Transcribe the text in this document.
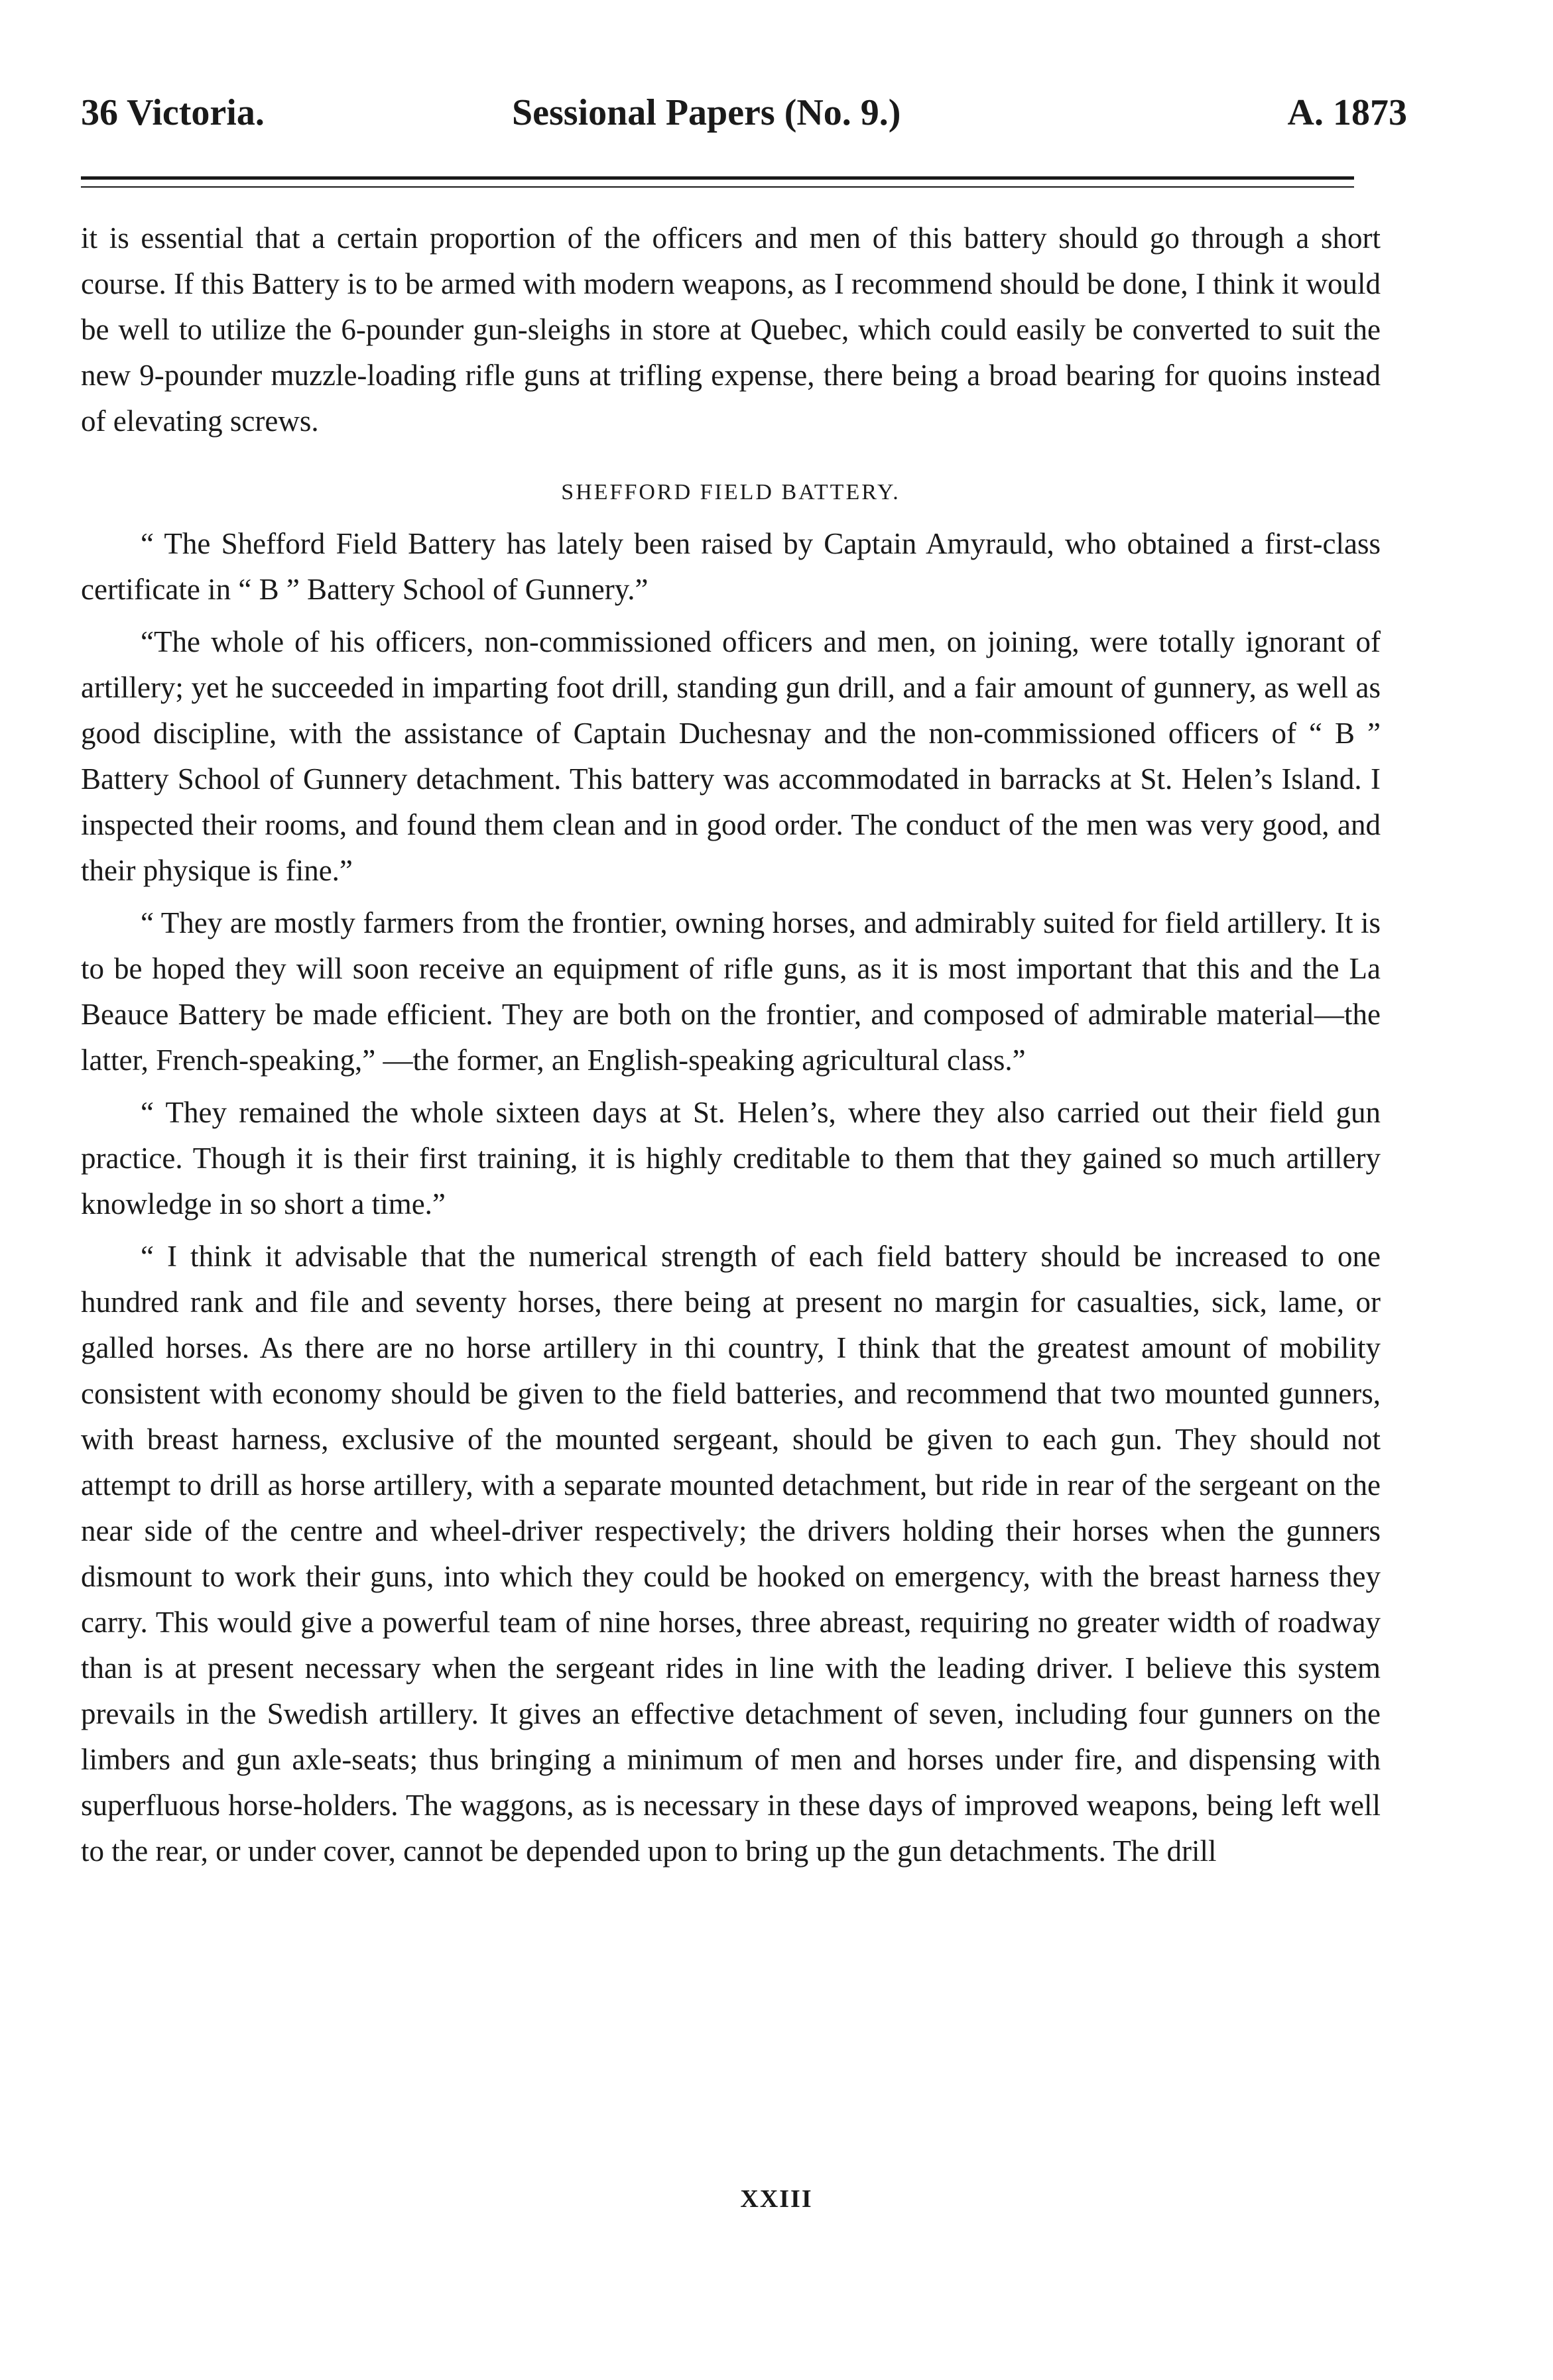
36 Victoria.	Sessional Papers (No. 9.)	A. 1873

it is essential that a certain proportion of the officers and men of this battery should go through a short course. If this Battery is to be armed with modern weapons, as I recommend should be done, I think it would be well to utilize the 6-pounder gun-sleighs in store at Quebec, which could easily be converted to suit the new 9-pounder muzzle-loading rifle guns at trifling expense, there being a broad bearing for quoins instead of elevating screws.

SHEFFORD FIELD BATTERY.

“ The Shefford Field Battery has lately been raised by Captain Amyrauld, who obtained a first-class certificate in “ B ” Battery School of Gunnery.”

“The whole of his officers, non-commissioned officers and men, on joining, were totally ignorant of artillery; yet he succeeded in imparting foot drill, standing gun drill, and a fair amount of gunnery, as well as good discipline, with the assistance of Captain Duchesnay and the non-commissioned officers of “ B ” Battery School of Gunnery detachment. This battery was accommodated in barracks at St. Helen’s Island. I inspected their rooms, and found them clean and in good order. The conduct of the men was very good, and their physique is fine.”

“ They are mostly farmers from the frontier, owning horses, and admirably suited for field artillery. It is to be hoped they will soon receive an equipment of rifle guns, as it is most important that this and the La Beauce Battery be made efficient. They are both on the frontier, and composed of admirable material—the latter, French-speaking,” —the former, an English-speaking agricultural class.”

“ They remained the whole sixteen days at St. Helen’s, where they also carried out their field gun practice. Though it is their first training, it is highly creditable to them that they gained so much artillery knowledge in so short a time.”

“ I think it advisable that the numerical strength of each field battery should be increased to one hundred rank and file and seventy horses, there being at present no margin for casualties, sick, lame, or galled horses. As there are no horse artillery in thi country, I think that the greatest amount of mobility consistent with economy should be given to the field batteries, and recommend that two mounted gunners, with breast harness, exclusive of the mounted sergeant, should be given to each gun. They should not attempt to drill as horse artillery, with a separate mounted detachment, but ride in rear of the sergeant on the near side of the centre and wheel-driver respectively; the drivers holding their horses when the gunners dismount to work their guns, into which they could be hooked on emergency, with the breast harness they carry. This would give a powerful team of nine horses, three abreast, requiring no greater width of roadway than is at present necessary when the sergeant rides in line with the leading driver. I believe this system prevails in the Swedish artillery. It gives an effective detachment of seven, including four gunners on the limbers and gun axle-seats; thus bringing a minimum of men and horses under fire, and dispensing with superfluous horse-holders. The waggons, as is necessary in these days of improved weapons, being left well to the rear, or under cover, cannot be depended upon to bring up the gun detachments. The drill

XXIII
